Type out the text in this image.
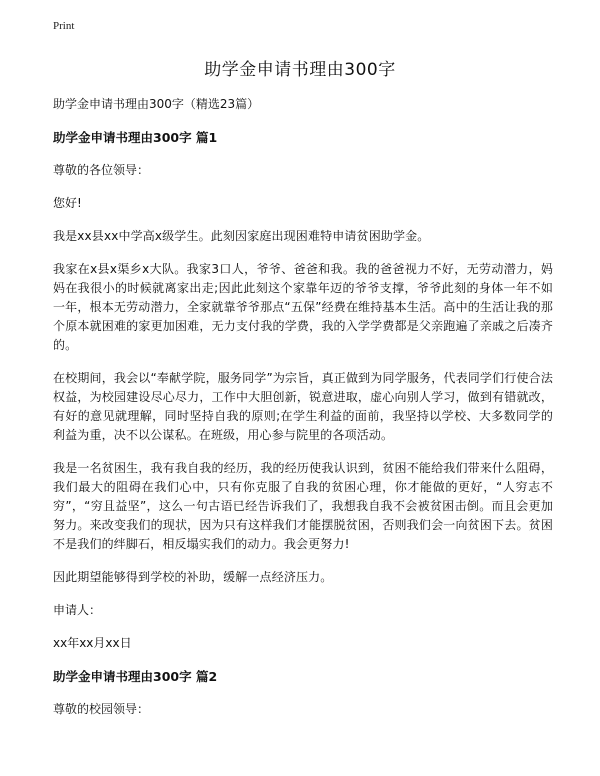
Print
助学金申请书理由300字

助学金申请书理由300字（精选23篇）

助学金申请书理由300字 篇1

尊敬的各位领导：

您好!

我是xx县xx中学高x级学生。此刻因家庭出现困难特申请贫困助学金。

我家在x县x渠乡x大队。我家3口人，爷爷、爸爸和我。我的爸爸视力不好，无劳动潜力，妈妈在我很小的时候就离家出走;因此此刻这个家靠年迈的爷爷支撑，爷爷此刻的身体一年不如一年，根本无劳动潜力，全家就靠爷爷那点“五保”经费在维持基本生活。高中的生活让我的那个原本就困难的家更加困难，无力支付我的学费，我的入学学费都是父亲跑遍了亲戚之后凑齐的。

在校期间，我会以“奉献学院，服务同学”为宗旨，真正做到为同学服务，代表同学们行使合法权益，为校园建设尽心尽力，工作中大胆创新，锐意进取，虚心向别人学习，做到有错就改，有好的意见就理解，同时坚持自我的原则;在学生利益的面前，我坚持以学校、大多数同学的利益为重，决不以公谋私。在班级，用心参与院里的各项活动。

我是一名贫困生，我有我自我的经历，我的经历使我认识到，贫困不能给我们带来什么阻碍，我们最大的阻碍在我们心中，只有你克服了自我的贫困心理，你才能做的更好，“人穷志不穷”，“穷且益坚”，这么一句古语已经告诉我们了，我想我自我不会被贫困击倒。而且会更加努力。来改变我们的现状，因为只有这样我们才能摆脱贫困，否则我们会一向贫困下去。贫困不是我们的绊脚石，相反塌实我们的动力。我会更努力!

因此期望能够得到学校的补助，缓解一点经济压力。

申请人：

xx年xx月xx日

助学金申请书理由300字 篇2

尊敬的校园领导：
